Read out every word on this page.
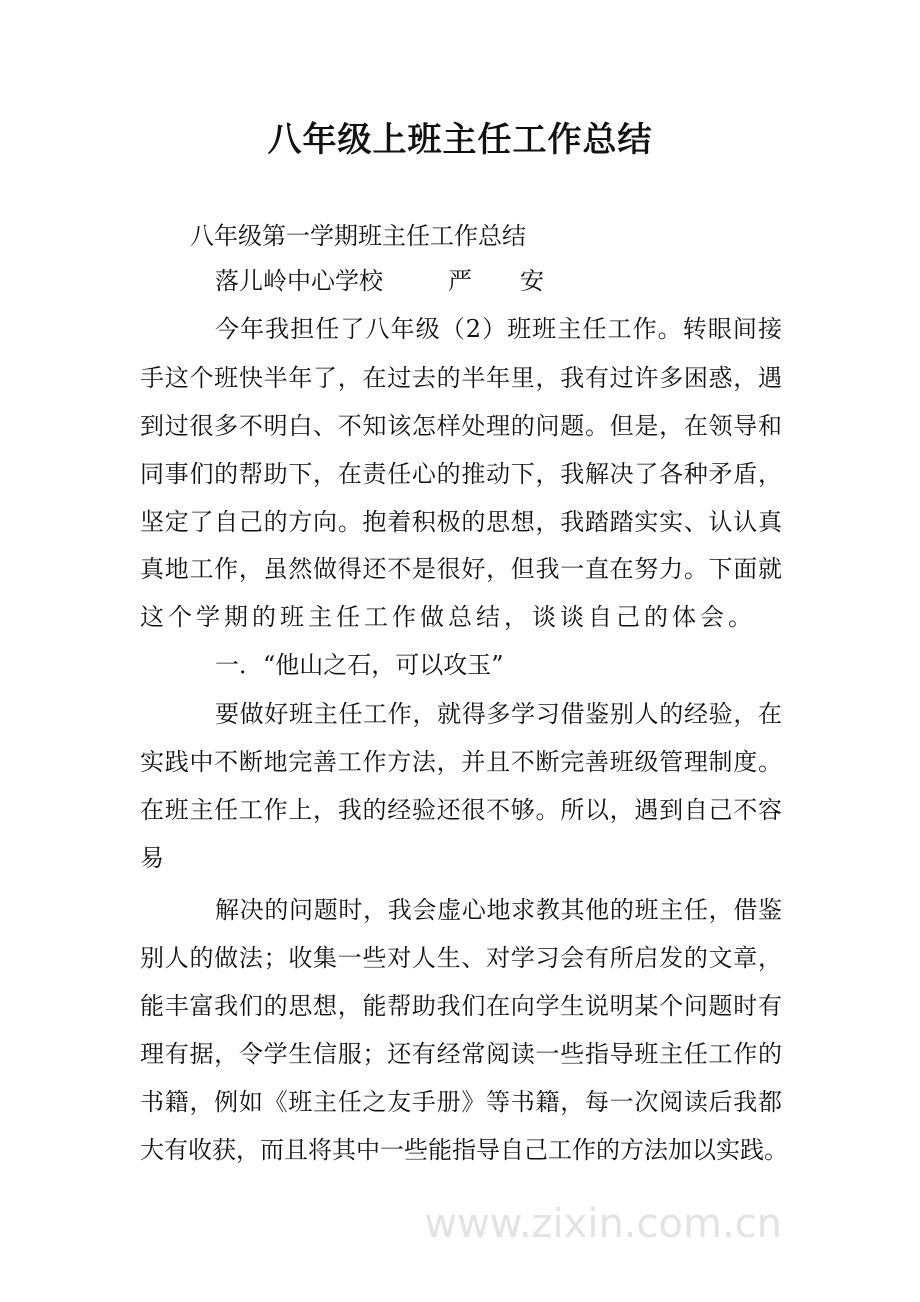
八年级上班主任工作总结
八年级第一学期班主任工作总结
落儿岭中心学校	严　　安
今年我担任了八年级（2）班班主任工作。转眼间接
手这个班快半年了，在过去的半年里，我有过许多困惑，遇
到过很多不明白、不知该怎样处理的问题。但是，在领导和
同事们的帮助下，在责任心的推动下，我解决了各种矛盾，
坚定了自己的方向。抱着积极的思想，我踏踏实实、认认真
真地工作，虽然做得还不是很好，但我一直在努力。下面就
这个学期的班主任工作做总结，谈谈自己的体会。
一．“他山之石，可以攻玉”
要做好班主任工作，就得多学习借鉴别人的经验，在
实践中不断地完善工作方法，并且不断完善班级管理制度。
在班主任工作上，我的经验还很不够。所以，遇到自己不容
易
解决的问题时，我会虚心地求教其他的班主任，借鉴
别人的做法；收集一些对人生、对学习会有所启发的文章，
能丰富我们的思想，能帮助我们在向学生说明某个问题时有
理有据，令学生信服；还有经常阅读一些指导班主任工作的
书籍，例如《班主任之友手册》等书籍，每一次阅读后我都
大有收获，而且将其中一些能指导自己工作的方法加以实践。
www.zixin.com.cn
